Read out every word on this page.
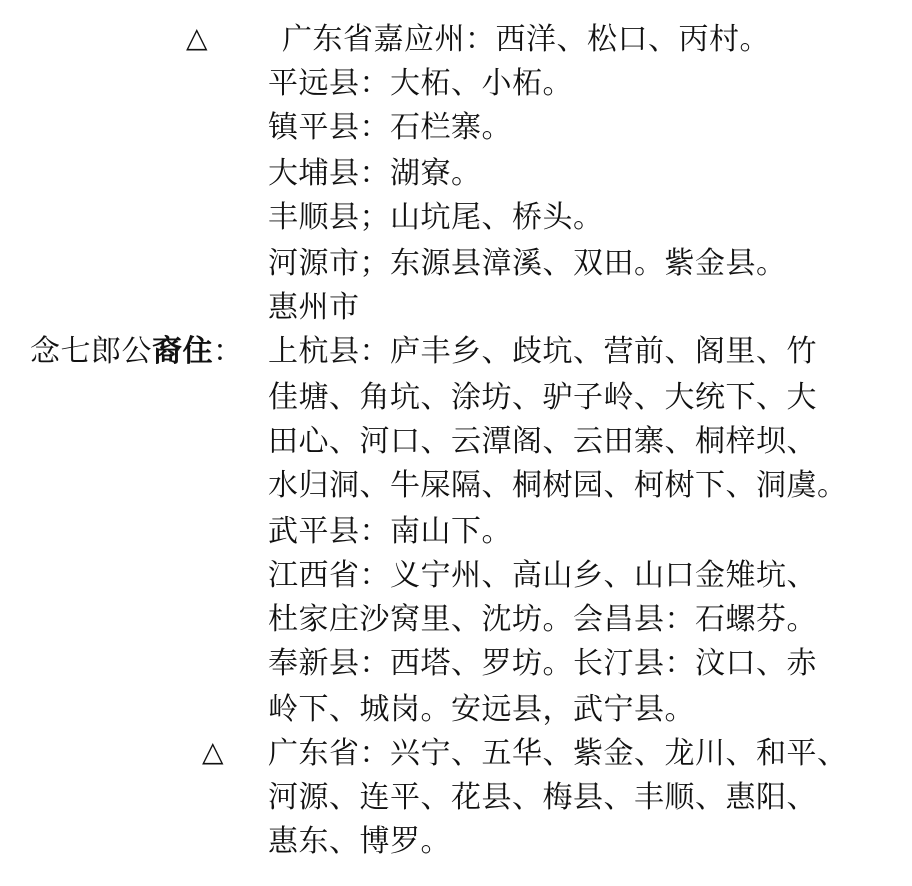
△ 广东省嘉应州：西洋、松口、丙村。
平远县：大柘、小柘。
镇平县：石栏寨。
大埔县：湖寮。
丰顺县；山坑尾、桥头。
河源市；东源县漳溪、双田。紫金县。
惠州市
念七郎公裔住： 上杭县：庐丰乡、歧坑、营前、阁里、竹
佳塘、角坑、涂坊、驴子岭、大统下、大
田心、河口、云潭阁、云田寨、桐梓坝、
水归洞、牛屎隔、桐树园、柯树下、洞虞。
武平县：南山下。
江西省：义宁州、高山乡、山口金雉坑、
杜家庄沙窝里、沈坊。会昌县：石螺芬。
奉新县：西塔、罗坊。长汀县：汶口、赤
岭下、城岗。安远县，武宁县。
△ 广东省：兴宁、五华、紫金、龙川、和平、
河源、连平、花县、梅县、丰顺、惠阳、
惠东、博罗。
